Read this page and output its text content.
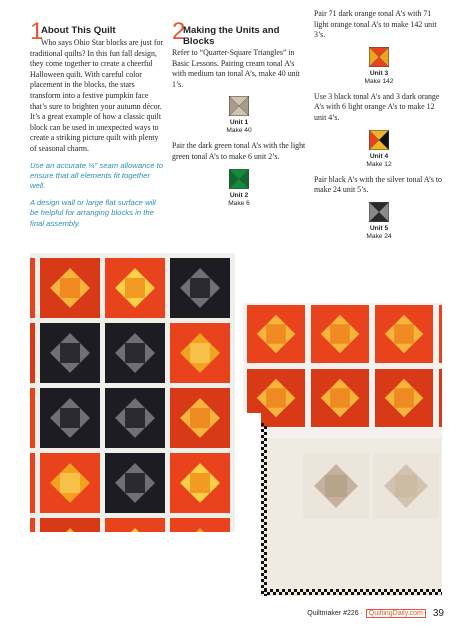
1
About This Quilt

Who says Ohio Star blocks are just for traditional quilts? In this fun fall design, they come together to create a cheerful Halloween quilt. With careful color placement in the blocks, the stars transform into a festive pumpkin face that’s sure to brighten your autumn décor. It’s a great example of how a classic quilt block can be used in unexpected ways to create a striking picture quilt with plenty of seasonal charm.

Use an accurate ¼" seam allowance to ensure that all elements fit together well.

A design wall or large flat surface will be helpful for arranging blocks in the final assembly.

2
Making the Units and Blocks

Refer to “Quarter-Square Triangles” in Basic Lessons. Pairing cream tonal A’s with medium tan tonal A’s, make 40 unit 1’s.

Unit 1
Make 40

Pair the dark green tonal A’s with the light green tonal A’s to make 6 unit 2’s.

Unit 2
Make 6

Pair 71 dark orange tonal A’s with 71 light orange tonal A’s to make 142 unit 3’s.

Unit 3
Make 142

Use 3 black tonal A’s and 3 dark orange A’s with 6 light orange A’s to make 12 unit 4’s.

Unit 4
Make 12

Pair black A’s with the silver tonal A’s to make 24 unit 5’s.

Unit 5
Make 24
Quiltmaker #226 · QuiltingDaily.com	39
